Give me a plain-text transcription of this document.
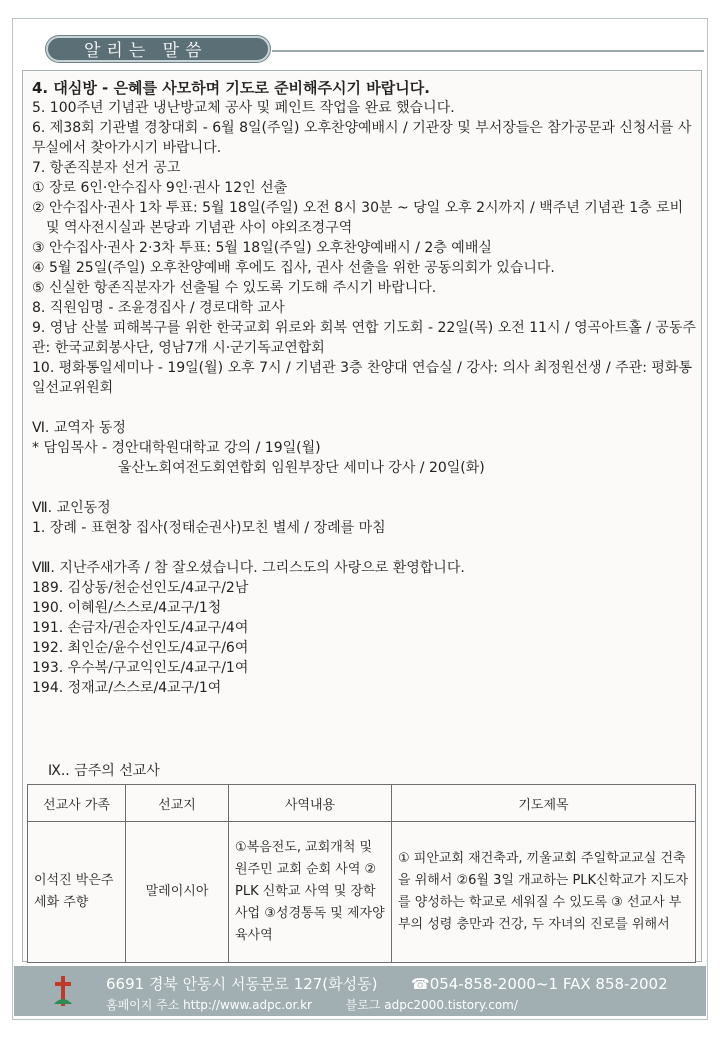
알리는 말씀

4. 대심방 - 은혜를 사모하며 기도로 준비해주시기 바랍니다.

5. 100주년 기념관 냉난방교체 공사 및 페인트 작업을 완료 했습니다.

6. 제38회 기관별 경창대회 - 6월 8일(주일) 오후찬양예배시 / 기관장 및 부서장들은 참가공문과 신청서를 사무실에서 찾아가시기 바랍니다.

7. 항존직분자 선거 공고

① 장로 6인·안수집사 9인·권사 12인 선출

② 안수집사·권사 1차 투표: 5월 18일(주일) 오전 8시 30분 ~ 당일 오후 2시까지 / 백주년 기념관 1층 로비 및 역사전시실과 본당과 기념관 사이 야외조경구역

③ 안수집사·권사 2·3차 투표: 5월 18일(주일) 오후찬양예배시 / 2층 예배실

④ 5월 25일(주일) 오후찬양예배 후에도 집사, 권사 선출을 위한 공동의회가 있습니다.

⑤ 신실한 항존직분자가 선출될 수 있도록 기도해 주시기 바랍니다.

8. 직원임명 - 조윤경집사 / 경로대학 교사

9. 영남 산불 피해복구를 위한 한국교회 위로와 회복 연합 기도회 - 22일(목) 오전 11시 / 영곡아트홀 / 공동주관: 한국교회봉사단, 영남7개 시·군기독교연합회

10. 평화통일세미나 - 19일(월) 오후 7시 / 기념관 3층 찬양대 연습실 / 강사: 의사 최정원선생 / 주관: 평화통일선교위원회

Ⅵ. 교역자 동정

* 담임목사 - 경안대학원대학교 강의 / 19일(월)

울산노회여전도회연합회 임원부장단 세미나 강사 / 20일(화)

Ⅶ. 교인동정

1. 장례 - 표현창 집사(정태순권사)모친 별세 / 장례를 마침

Ⅷ. 지난주새가족 / 참 잘오셨습니다. 그리스도의 사랑으로 환영합니다.

189. 김상동/천순선인도/4교구/2남

190. 이혜원/스스로/4교구/1청

191. 손금자/권순자인도/4교구/4여

192. 최인순/윤수선인도/4교구/6여

193. 우수복/구교익인도/4교구/1여

194. 정재교/스스로/4교구/1여

Ⅸ.. 금주의 선교사
선교사 가족	선교지	사역내용	기도제목
이석진 박은주 세화 주향	말레이시아	①복음전도, 교회개척 및 원주민 교회 순회 사역 ② PLK 신학교 사역 및 장학사업 ③성경통독 및 제자양육사역	① 피안교회 재건축과, 끼울교회 주일학교교실 건축을 위해서 ②6월 3일 개교하는 PLK신학교가 지도자를 양성하는 학교로 세워질 수 있도록 ③ 선교사 부부의 성령 충만과 건강, 두 자녀의 진로를 위해서
6691 경북 안동시 서동문로 127(화성동) ☎054-858-2000~1 FAX 858-2002
홈페이지 주소 http://www.adpc.or.kr	블로그 adpc2000.tistory.com/
